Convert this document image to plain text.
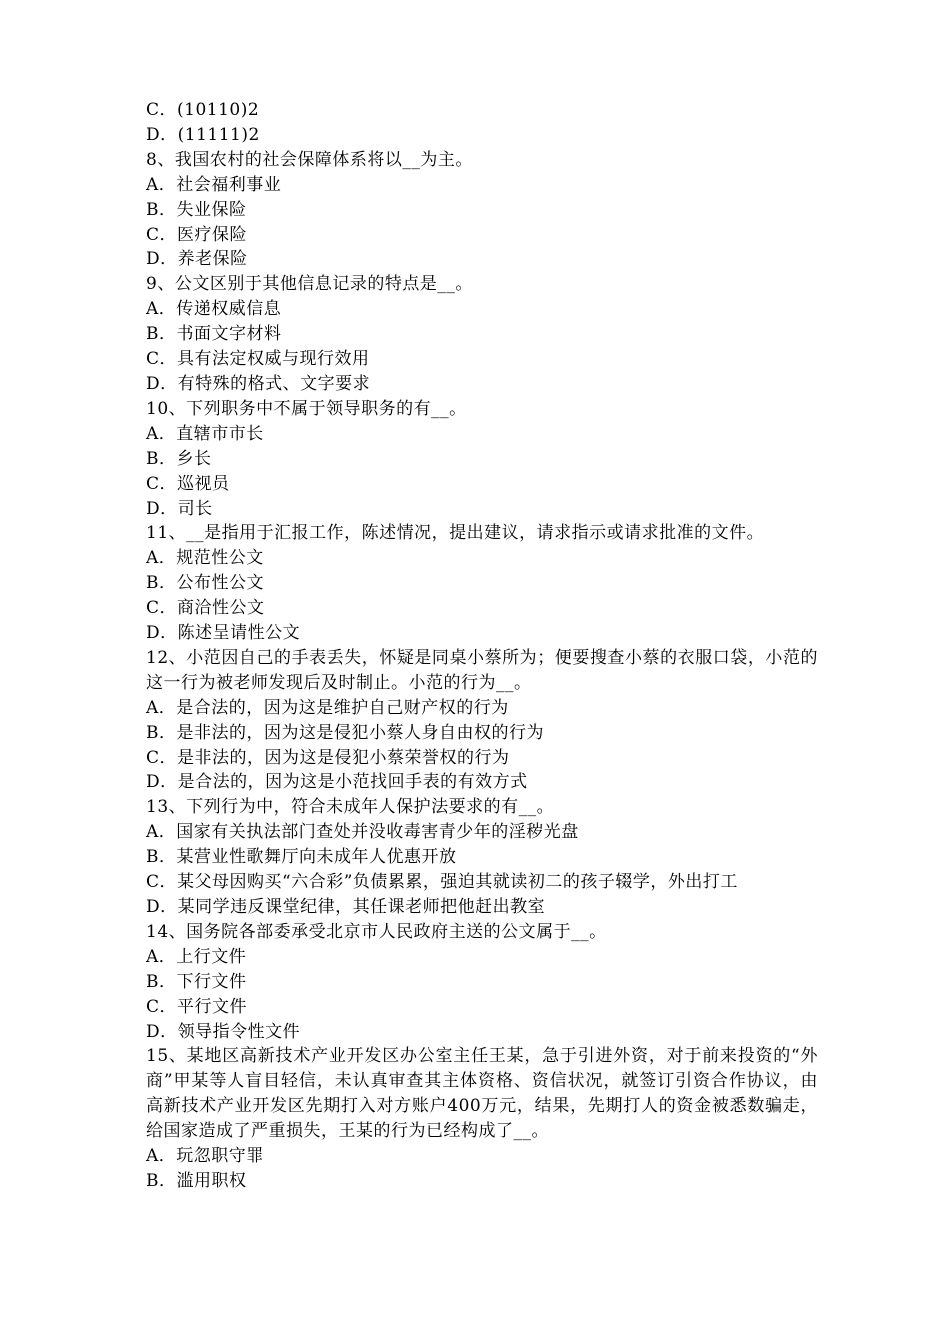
C．(10110)2
D．(11111)2
8、我国农村的社会保障体系将以__为主。
A．社会福利事业
B．失业保险
C．医疗保险
D．养老保险
9、公文区别于其他信息记录的特点是__。
A．传递权威信息
B．书面文字材料
C．具有法定权威与现行效用
D．有特殊的格式、文字要求
10、下列职务中不属于领导职务的有__。
A．直辖市市长
B．乡长
C．巡视员
D．司长
11、__是指用于汇报工作，陈述情况，提出建议，请求指示或请求批准的文件。
A．规范性公文
B．公布性公文
C．商洽性公文
D．陈述呈请性公文
12、小范因自己的手表丢失，怀疑是同桌小蔡所为；便要搜查小蔡的衣服口袋，小范的这一行为被老师发现后及时制止。小范的行为__。
A．是合法的，因为这是维护自己财产权的行为
B．是非法的，因为这是侵犯小蔡人身自由权的行为
C．是非法的，因为这是侵犯小蔡荣誉权的行为
D．是合法的，因为这是小范找回手表的有效方式
13、下列行为中，符合未成年人保护法要求的有__。
A．国家有关执法部门查处并没收毒害青少年的淫秽光盘
B．某营业性歌舞厅向未成年人优惠开放
C．某父母因购买“六合彩”负债累累，强迫其就读初二的孩子辍学，外出打工
D．某同学违反课堂纪律，其任课老师把他赶出教室
14、国务院各部委承受北京市人民政府主送的公文属于__。
A．上行文件
B．下行文件
C．平行文件
D．领导指令性文件
15、某地区高新技术产业开发区办公室主任王某，急于引进外资，对于前来投资的“外商”甲某等人盲目轻信，未认真审查其主体资格、资信状况，就签订引资合作协议，由高新技术产业开发区先期打入对方账户400万元，结果，先期打人的资金被悉数骗走，给国家造成了严重损失，王某的行为已经构成了__。
A．玩忽职守罪
B．滥用职权
